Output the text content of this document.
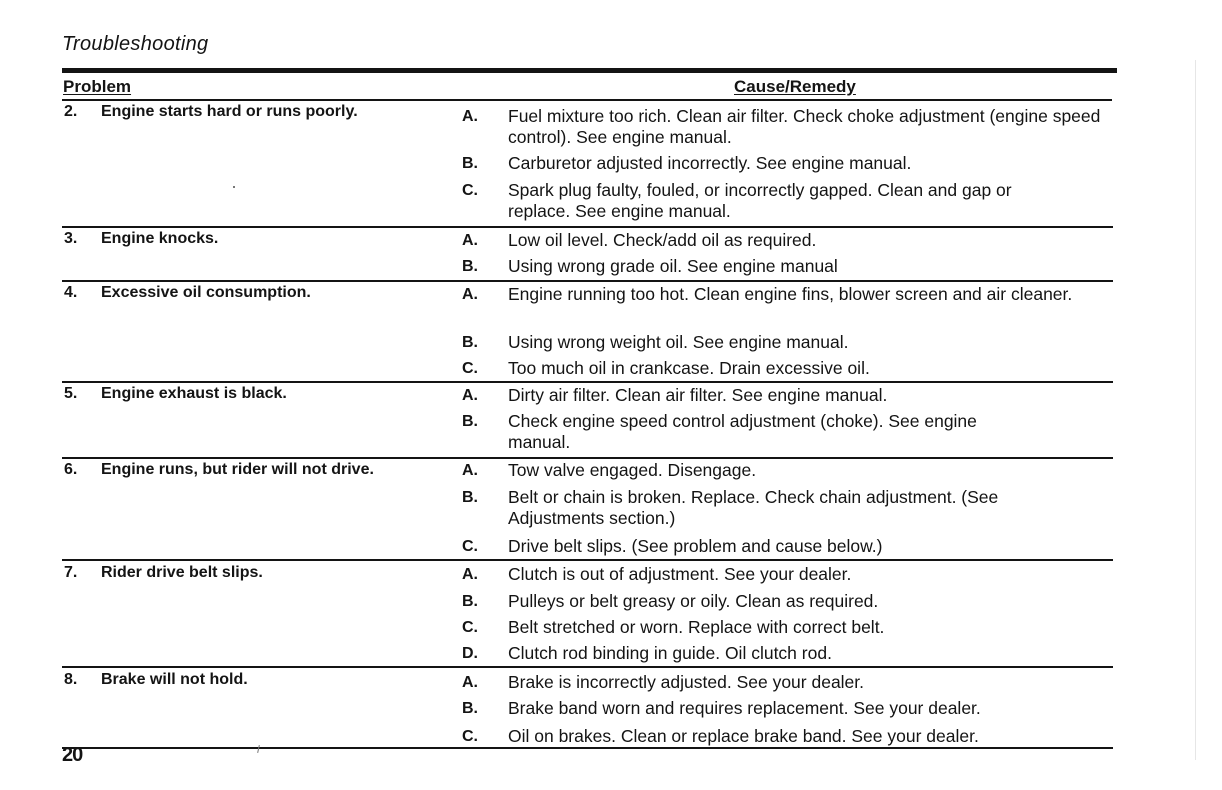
Troubleshooting
Problem	Cause/Remedy
2. Engine starts hard or runs poorly.	A. Fuel mixture too rich. Clean air filter. Check choke adjustment (engine speed control). See engine manual.
B. Carburetor adjusted incorrectly. See engine manual.
C. Spark plug faulty, fouled, or incorrectly gapped. Clean and gap or replace. See engine manual.
3. Engine knocks.	A. Low oil level. Check/add oil as required.
B. Using wrong grade oil. See engine manual
4. Excessive oil consumption.	A. Engine running too hot. Clean engine fins, blower screen and air cleaner.
B. Using wrong weight oil. See engine manual.
C. Too much oil in crankcase. Drain excessive oil.
5. Engine exhaust is black.	A. Dirty air filter. Clean air filter. See engine manual.
B. Check engine speed control adjustment (choke). See engine manual.
6. Engine runs, but rider will not drive.	A. Tow valve engaged. Disengage.
B. Belt or chain is broken. Replace. Check chain adjustment. (See Adjustments section.)
C. Drive belt slips. (See problem and cause below.)
7. Rider drive belt slips.	A. Clutch is out of adjustment. See your dealer.
B. Pulleys or belt greasy or oily. Clean as required.
C. Belt stretched or worn. Replace with correct belt.
D. Clutch rod binding in guide. Oil clutch rod.
8. Brake will not hold.	A. Brake is incorrectly adjusted. See your dealer.
B. Brake band worn and requires replacement. See your dealer.
C. Oil on brakes. Clean or replace brake band. See your dealer.
20
